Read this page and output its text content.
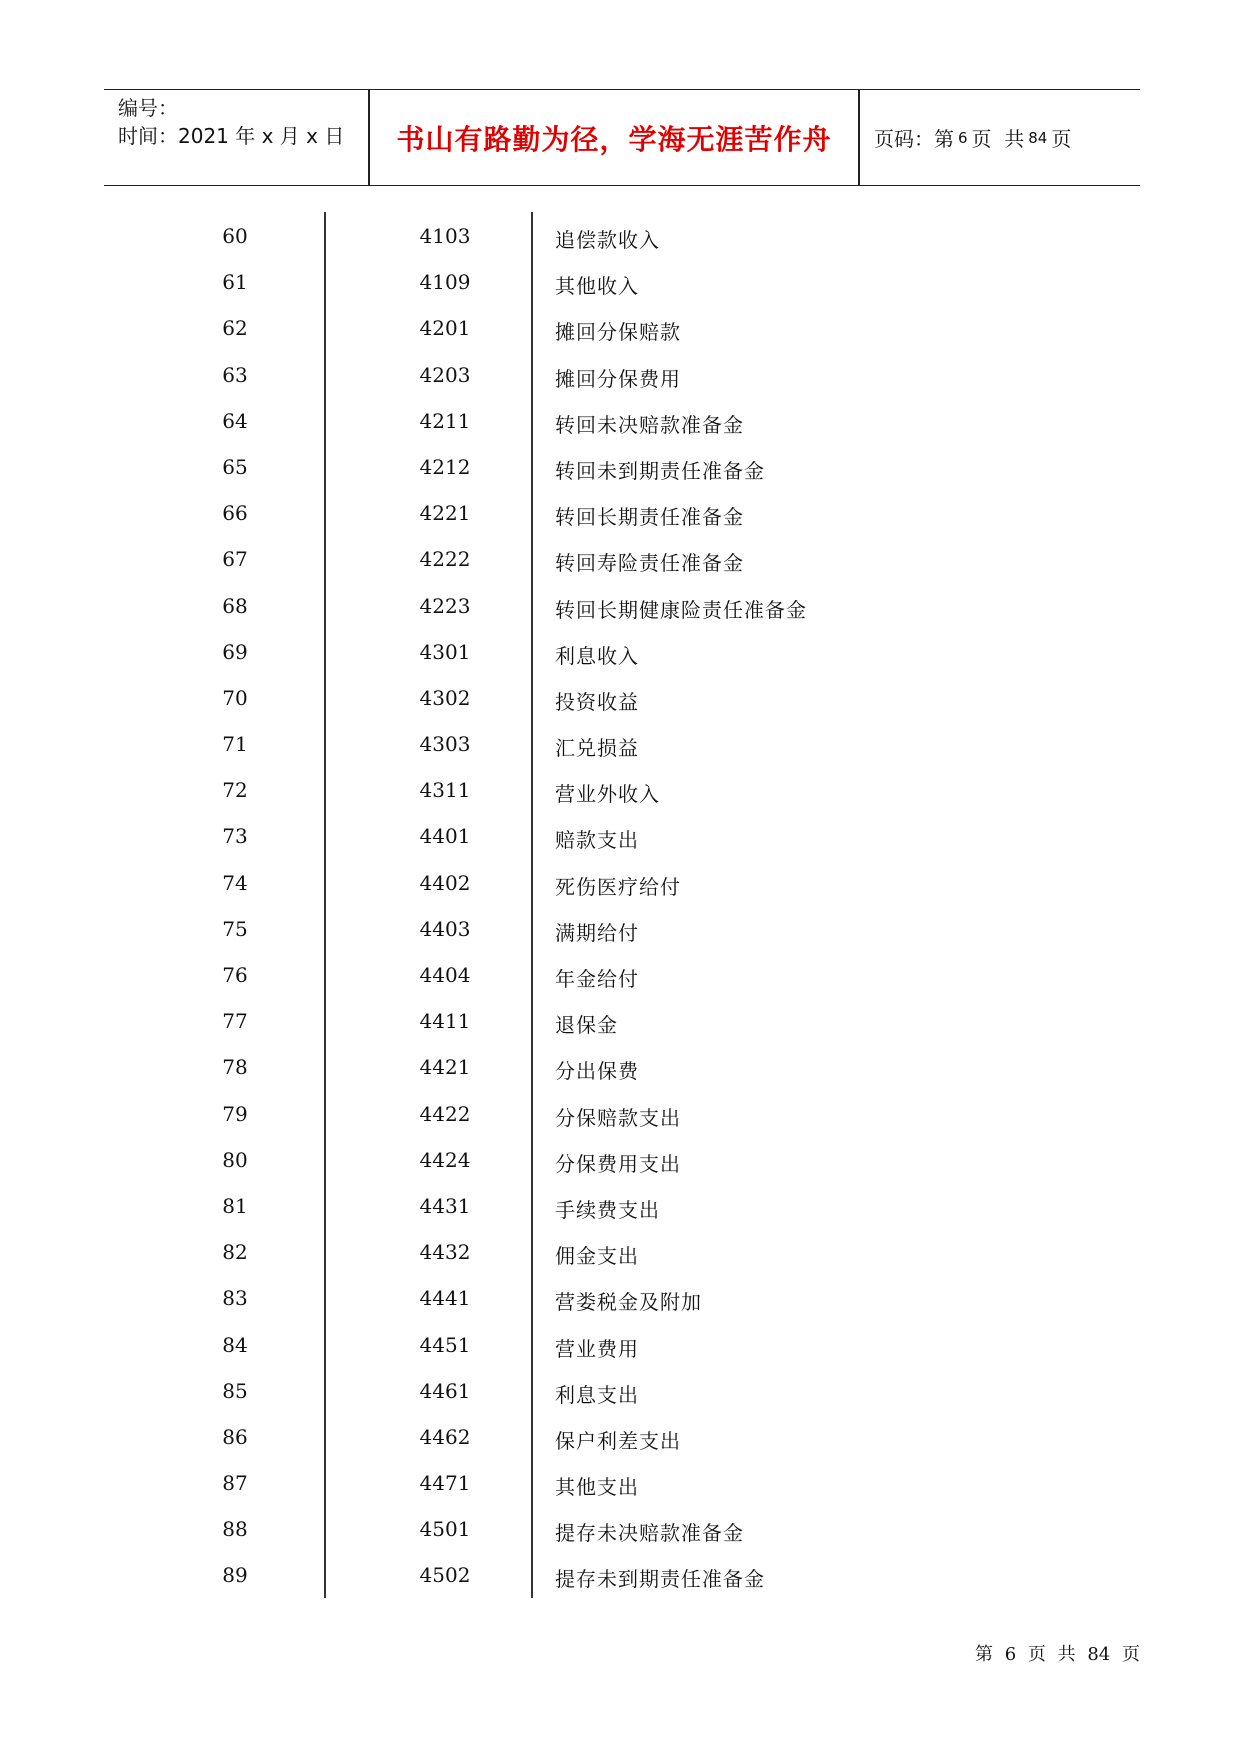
编号：
时间：2021 年 x 月 x 日	书山有路勤为径，学海无涯苦作舟	页码：第 6 页  共 84 页
60	4103	追偿款收入
61	4109	其他收入
62	4201	摊回分保赔款
63	4203	摊回分保费用
64	4211	转回未决赔款准备金
65	4212	转回未到期责任准备金
66	4221	转回长期责任准备金
67	4222	转回寿险责任准备金
68	4223	转回长期健康险责任准备金
69	4301	利息收入
70	4302	投资收益
71	4303	汇兑损益
72	4311	营业外收入
73	4401	赔款支出
74	4402	死伤医疗给付
75	4403	满期给付
76	4404	年金给付
77	4411	退保金
78	4421	分出保费
79	4422	分保赔款支出
80	4424	分保费用支出
81	4431	手续费支出
82	4432	佣金支出
83	4441	营娄税金及附加
84	4451	营业费用
85	4461	利息支出
86	4462	保户利差支出
87	4471	其他支出
88	4501	提存未决赔款准备金
89	4502	提存未到期责任准备金
第 6 页 共 84 页
